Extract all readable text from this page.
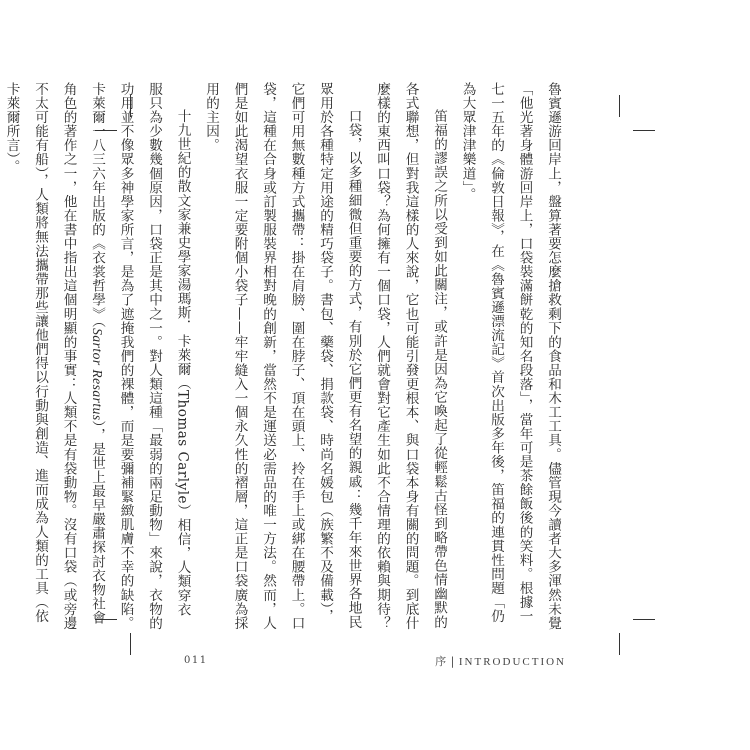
魯賓遜游回岸上，盤算著要怎麼搶救剩下的食品和木工工具。儘管現今讀者大多渾然未覺「他光著身體游回岸上，口袋裝滿餅乾的知名段落」，當年可是茶餘飯後的笑料。根據一七一五年的《倫敦日報》，在《魯賓遜漂流記》首次出版多年後，笛福的連貫性問題「仍為大眾津津樂道」。

笛福的謬誤之所以受到如此關注，或許是因為它喚起了從輕鬆古怪到略帶色情幽默的各式聯想，但對我這樣的人來說，它也可能引發更根本、與口袋本身有關的問題。到底什麼樣的東西叫口袋？為何擁有一個口袋，人們就會對它產生如此不合情理的依賴與期待？

口袋，以多種細微但重要的方式，有別於它們更有名望的親戚：幾千年來世界各地民眾用於各種特定用途的精巧袋子。書包、藥袋、捐款袋、時尚名媛包（族繁不及備載），它們可用無數種方式攜帶：掛在肩膀、圍在脖子、頂在頭上、拎在手上或綁在腰帶上。口袋，這種在合身或訂製服裝界相對晚的創新，當然不是運送必需品的唯一方法。然而，人們是如此渴望衣服一定要附個小袋子——牢牢縫入一個永久性的褶層，這正是口袋廣為採用的主因。

十九世紀的散文家兼史學家湯瑪斯．卡萊爾（Thomas Carlyle）相信，人類穿衣服只為少數幾個原因，口袋正是其中之一。對人類這種「最弱的兩足動物」來說，衣物的功用並不像眾多神學家所言，是為了遮掩我們的裸體，而是要彌補緊緻肌膚不幸的缺陷。卡萊爾一八三六年出版的《衣裳哲學》（Sartor Resartus），是世上最早嚴肅探討衣物社會角色的著作之一，他在書中指出這個明顯的事實：人類不是有袋動物。沒有口袋（或旁邊不太可能有船），人類將無法攜帶那些讓他們得以行動與創造、進而成為人類的工具（依卡萊爾所言）。

011	序 | INTRODUCTION
